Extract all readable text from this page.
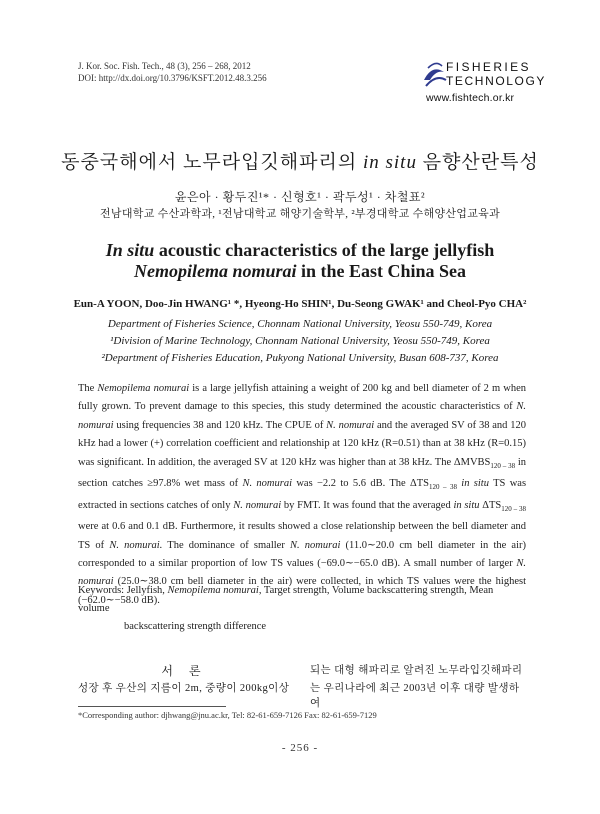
J. Kor. Soc. Fish. Tech., 48 (3), 256 – 268, 2012
DOI: http://dx.doi.org/10.3796/KSFT.2012.48.3.256
FISHERIES
TECHNOLOGY
www.fishtech.or.kr
동중국해에서 노무라입깃해파리의 in situ 음향산란특성
윤은아 · 황두진¹* · 신형호¹ · 곽두성¹ · 차철표²
전남대학교 수산과학과, ¹전남대학교 해양기술학부, ²부경대학교 수해양산업교육과
In situ acoustic characteristics of the large jellyfish
Nemopilema nomurai in the East China Sea
Eun-A YOON, Doo-Jin HWANG¹ *, Hyeong-Ho SHIN¹, Du-Seong GWAK¹ and Cheol-Pyo CHA²
Department of Fisheries Science, Chonnam National University, Yeosu 550-749, Korea
¹Division of Marine Technology, Chonnam National University, Yeosu 550-749, Korea
²Department of Fisheries Education, Pukyong National University, Busan 608-737, Korea
The Nemopilema nomurai is a large jellyfish attaining a weight of 200 kg and bell diameter of 2 m when fully grown. To prevent damage to this species, this study determined the acoustic characteristics of N. nomurai using frequencies 38 and 120 kHz. The CPUE of N. nomurai and the averaged SV of 38 and 120 kHz had a lower (+) correlation coefficient and relationship at 120 kHz (R=0.51) than at 38 kHz (R=0.15) was significant. In addition, the averaged SV at 120 kHz was higher than at 38 kHz. The $\Delta MVBS_{120 - 38}$ in section catches ≥97.8% wet mass of N. nomurai was −2.2 to 5.6 dB. The $\Delta TS_{120 - 38}$ in situ TS was extracted in sections catches of only N. nomurai by FMT. It was found that the averaged in situ $\Delta TS_{120 - 38}$ were at 0.6 and 0.1 dB. Furthermore, it results showed a close relationship between the bell diameter and TS of N. nomurai. The dominance of smaller N. nomurai (11.0∼20.0 cm bell diameter in the air) corresponded to a similar proportion of low TS values (−69.0∼−65.0 dB). A small number of larger N. nomurai (25.0∼38.0 cm bell diameter in the air) were collected, in which TS values were the highest (−62.0∼−58.0 dB).
Keywords: Jellyfish, Nemopilema nomurai, Target strength, Volume backscattering strength, Mean volume
backscattering strength difference
서론
성장 후 우산의 지름이 2m, 중량이 200kg이상
되는 대형 해파리로 알려진 노무라입깃해파리
는 우리나라에 최근 2003년 이후 대량 발생하여
*Corresponding author: djhwang@jnu.ac.kr, Tel: 82-61-659-7126 Fax: 82-61-659-7129
- 256 -
